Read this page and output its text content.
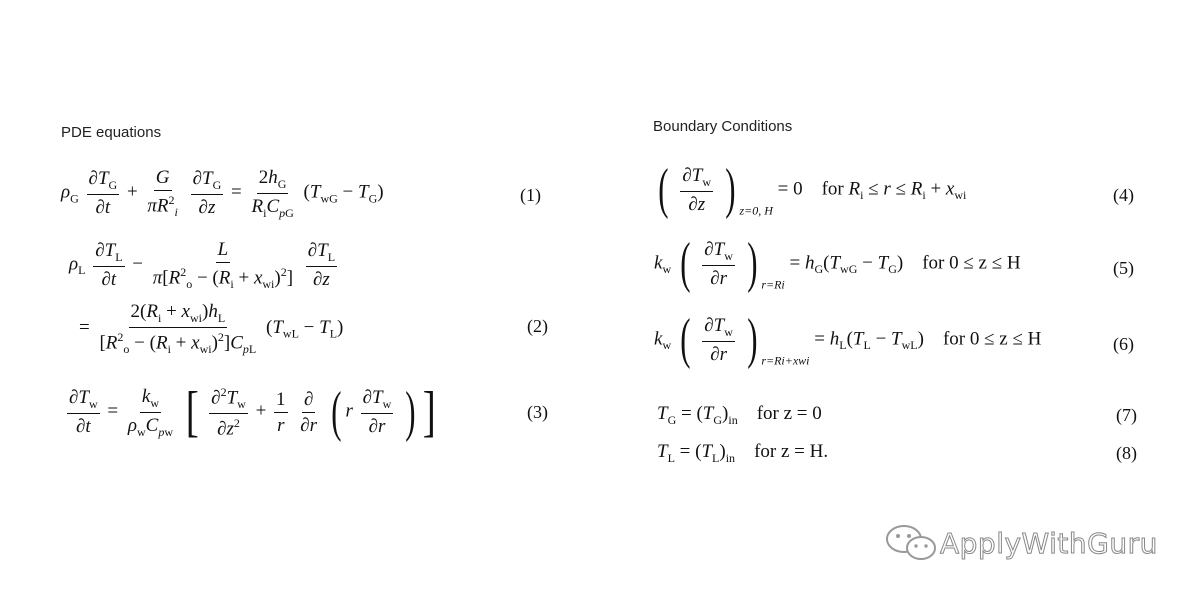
PDE equations	Boundary Conditions
$\rho_G \frac{\partial T_G}{\partial t} + \frac{G}{\pi R^2_i}$
$\frac{\partial T_G}{\partial z} = \frac{2h_G}{R_iC_{pG}} (T_{wG} - T_G)$	(1)
$\rho_L \frac{\partial T_L}{\partial t} - \frac{L}{\pi[R^2_o - (R_i + x_{wi})^2]}$
$\frac{\partial T_L}{\partial z}$
= $\frac{2(R_i + x_{wi})h_L}{[R^2_o - (R_i + x_{wi})^2]C_{pL}} (T_{wL} - T_L)$	(2)
$\frac{\partial T_w}{\partial t} = \frac{k_w}{\rho_wC_{pw}}$ [ $\frac{\partial^2T_w}{\partial z^2} + \frac{1}{r}$
$\frac{\partial}{\partial r}$ ( r $\frac{\partial T_w}{\partial r}$ ) ]	(3)
( $\frac{\partial T_w}{\partial z}$ ) $_{z=0, H}$ = 0    for $R_i \le r \le R_i + x_{wi}$	(4)
$k_w$ ( $\frac{\partial T_w}{\partial r}$ ) $_{r=Ri} = h_G(T_{wG} - T_G)$    for 0 ≤ z ≤ H	(5)
$k_w$ ( $\frac{\partial T_w}{\partial r}$ ) $_{r=Ri+xwi} = h_L(T_L - T_{wL})$    for 0 ≤ z ≤ H	(6)
$T_G = (T_G)_{in}$ for z = 0	(7)
$T_L = (T_L)_{in}$ for z = H.	(8)
ApplyWithGuru
